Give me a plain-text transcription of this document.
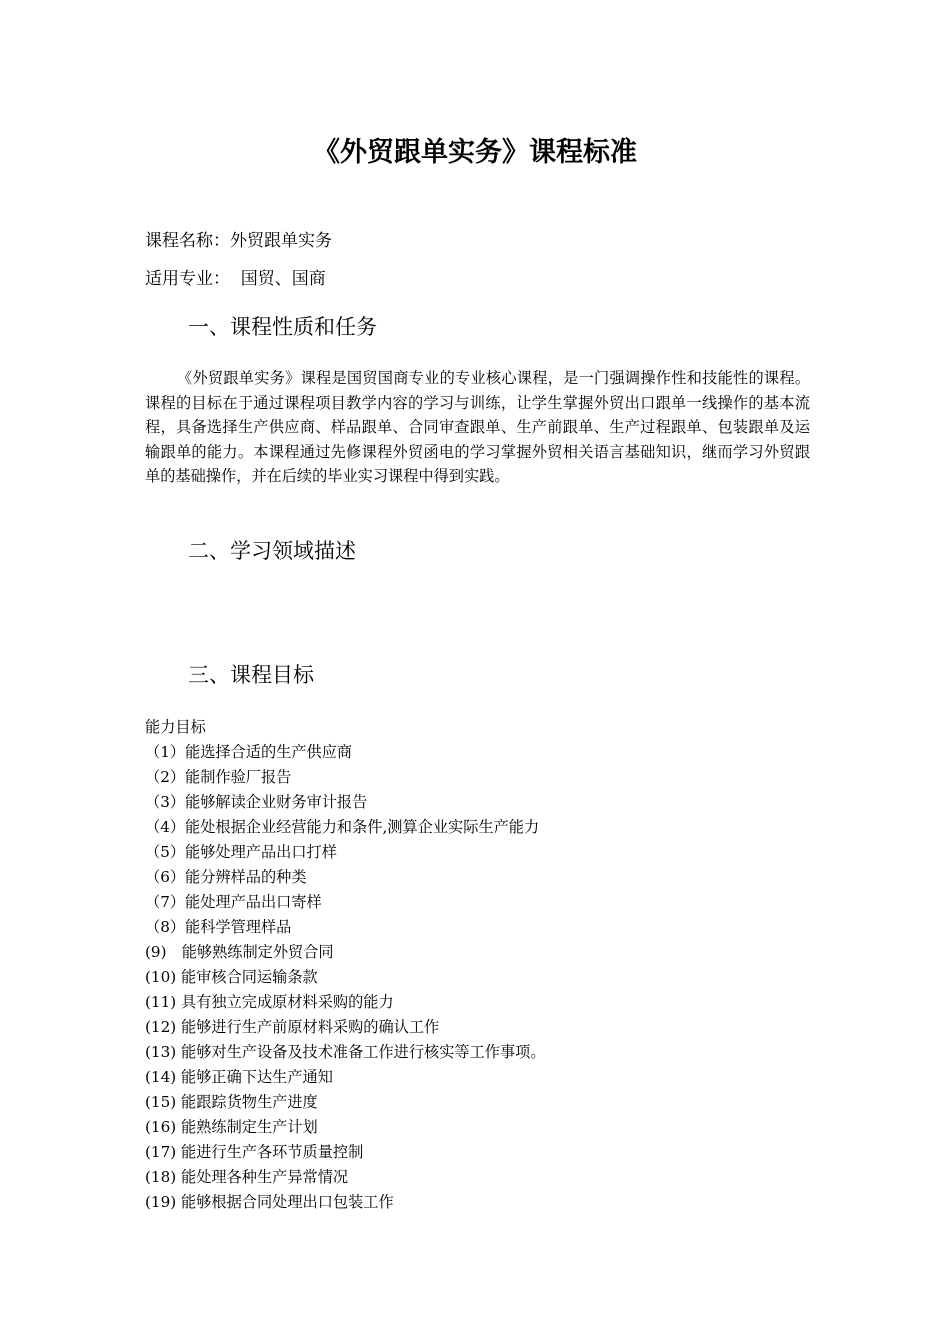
《外贸跟单实务》课程标准

课程名称：外贸跟单实务

适用专业：  国贸、国商

一、课程性质和任务

《外贸跟单实务》课程是国贸国商专业的专业核心课程，是一门强调操作性和技能性的课程。课程的目标在于通过课程项目教学内容的学习与训练，让学生掌握外贸出口跟单一线操作的基本流程，具备选择生产供应商、样品跟单、合同审查跟单、生产前跟单、生产过程跟单、包装跟单及运输跟单的能力。本课程通过先修课程外贸函电的学习掌握外贸相关语言基础知识，继而学习外贸跟单的基础操作，并在后续的毕业实习课程中得到实践。

二、学习领域描述
三、课程目标

能力目标

（1）能选择合适的生产供应商
（2）能制作验厂报告
（3）能够解读企业财务审计报告
（4）能处根据企业经营能力和条件,测算企业实际生产能力
（5）能够处理产品出口打样
（6）能分辨样品的种类
（7）能处理产品出口寄样
（8）能科学管理样品
(9)　能够熟练制定外贸合同
(10) 能审核合同运输条款
(11) 具有独立完成原材料采购的能力
(12) 能够进行生产前原材料采购的确认工作
(13) 能够对生产设备及技术准备工作进行核实等工作事项。
(14) 能够正确下达生产通知
(15) 能跟踪货物生产进度
(16) 能熟练制定生产计划
(17) 能进行生产各环节质量控制
(18) 能处理各种生产异常情况
(19) 能够根据合同处理出口包装工作
